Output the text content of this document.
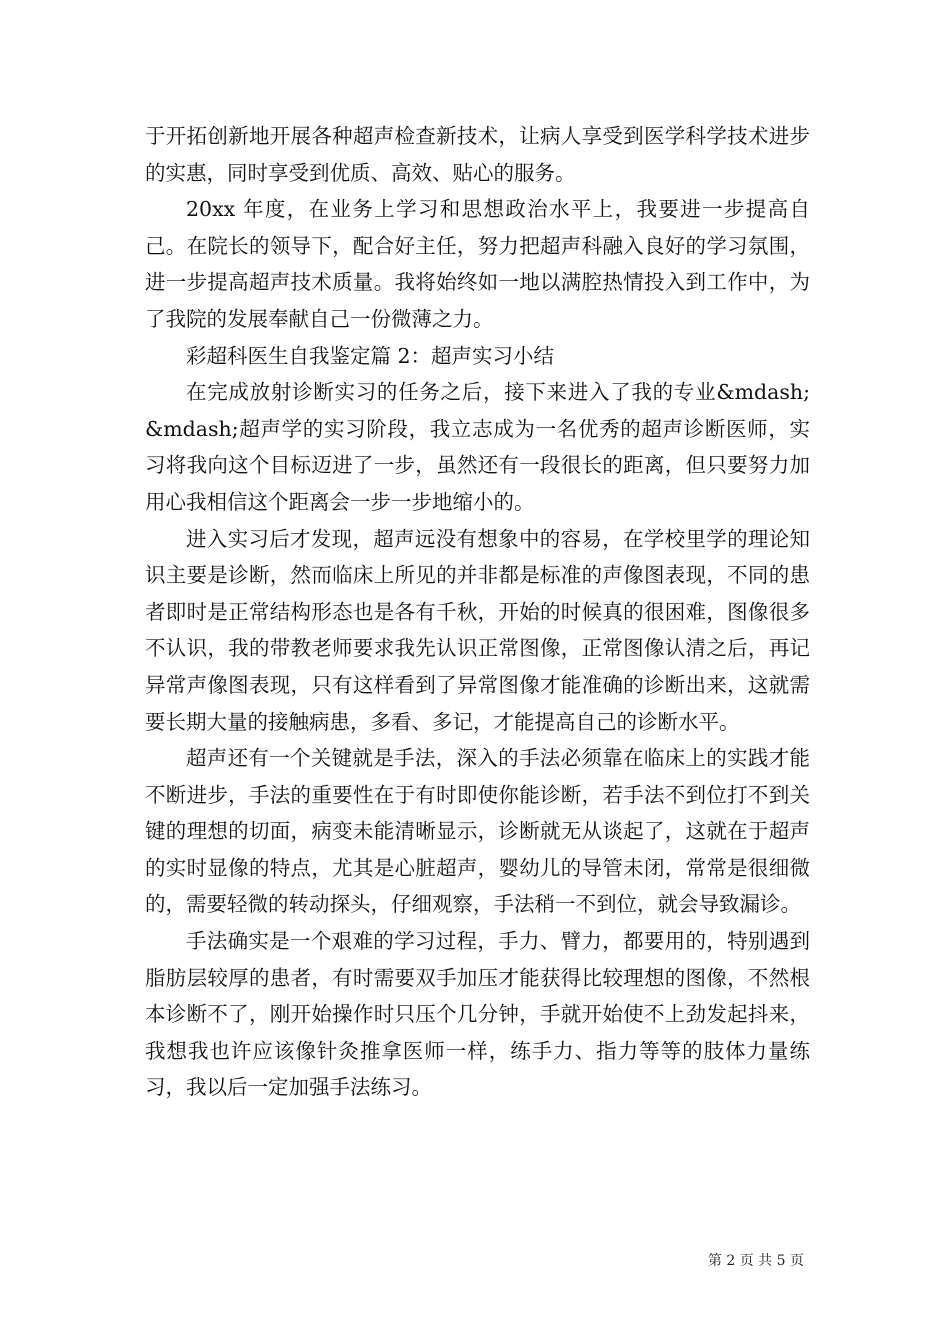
于开拓创新地开展各种超声检查新技术，让病人享受到医学科学技术进步的实惠，同时享受到优质、高效、贴心的服务。

20xx 年度，在业务上学习和思想政治水平上，我要进一步提高自己。在院长的领导下，配合好主任，努力把超声科融入良好的学习氛围，进一步提高超声技术质量。我将始终如一地以满腔热情投入到工作中，为了我院的发展奉献自己一份微薄之力。

彩超科医生自我鉴定篇 2：超声实习小结

在完成放射诊断实习的任务之后，接下来进入了我的专业&mdash;&mdash;超声学的实习阶段，我立志成为一名优秀的超声诊断医师，实习将我向这个目标迈进了一步，虽然还有一段很长的距离，但只要努力加用心我相信这个距离会一步一步地缩小的。

进入实习后才发现，超声远没有想象中的容易，在学校里学的理论知识主要是诊断，然而临床上所见的并非都是标准的声像图表现，不同的患者即时是正常结构形态也是各有千秋，开始的时候真的很困难，图像很多不认识，我的带教老师要求我先认识正常图像，正常图像认清之后，再记异常声像图表现，只有这样看到了异常图像才能准确的诊断出来，这就需要长期大量的接触病患，多看、多记，才能提高自己的诊断水平。

超声还有一个关键就是手法，深入的手法必须靠在临床上的实践才能不断进步，手法的重要性在于有时即使你能诊断，若手法不到位打不到关键的理想的切面，病变未能清晰显示，诊断就无从谈起了，这就在于超声的实时显像的特点，尤其是心脏超声，婴幼儿的导管未闭，常常是很细微的，需要轻微的转动探头，仔细观察，手法稍一不到位，就会导致漏诊。

手法确实是一个艰难的学习过程，手力、臂力，都要用的，特别遇到脂肪层较厚的患者，有时需要双手加压才能获得比较理想的图像，不然根本诊断不了，刚开始操作时只压个几分钟，手就开始使不上劲发起抖来，我想我也许应该像针灸推拿医师一样，练手力、指力等等的肢体力量练习，我以后一定加强手法练习。

第 2 页 共 5 页
